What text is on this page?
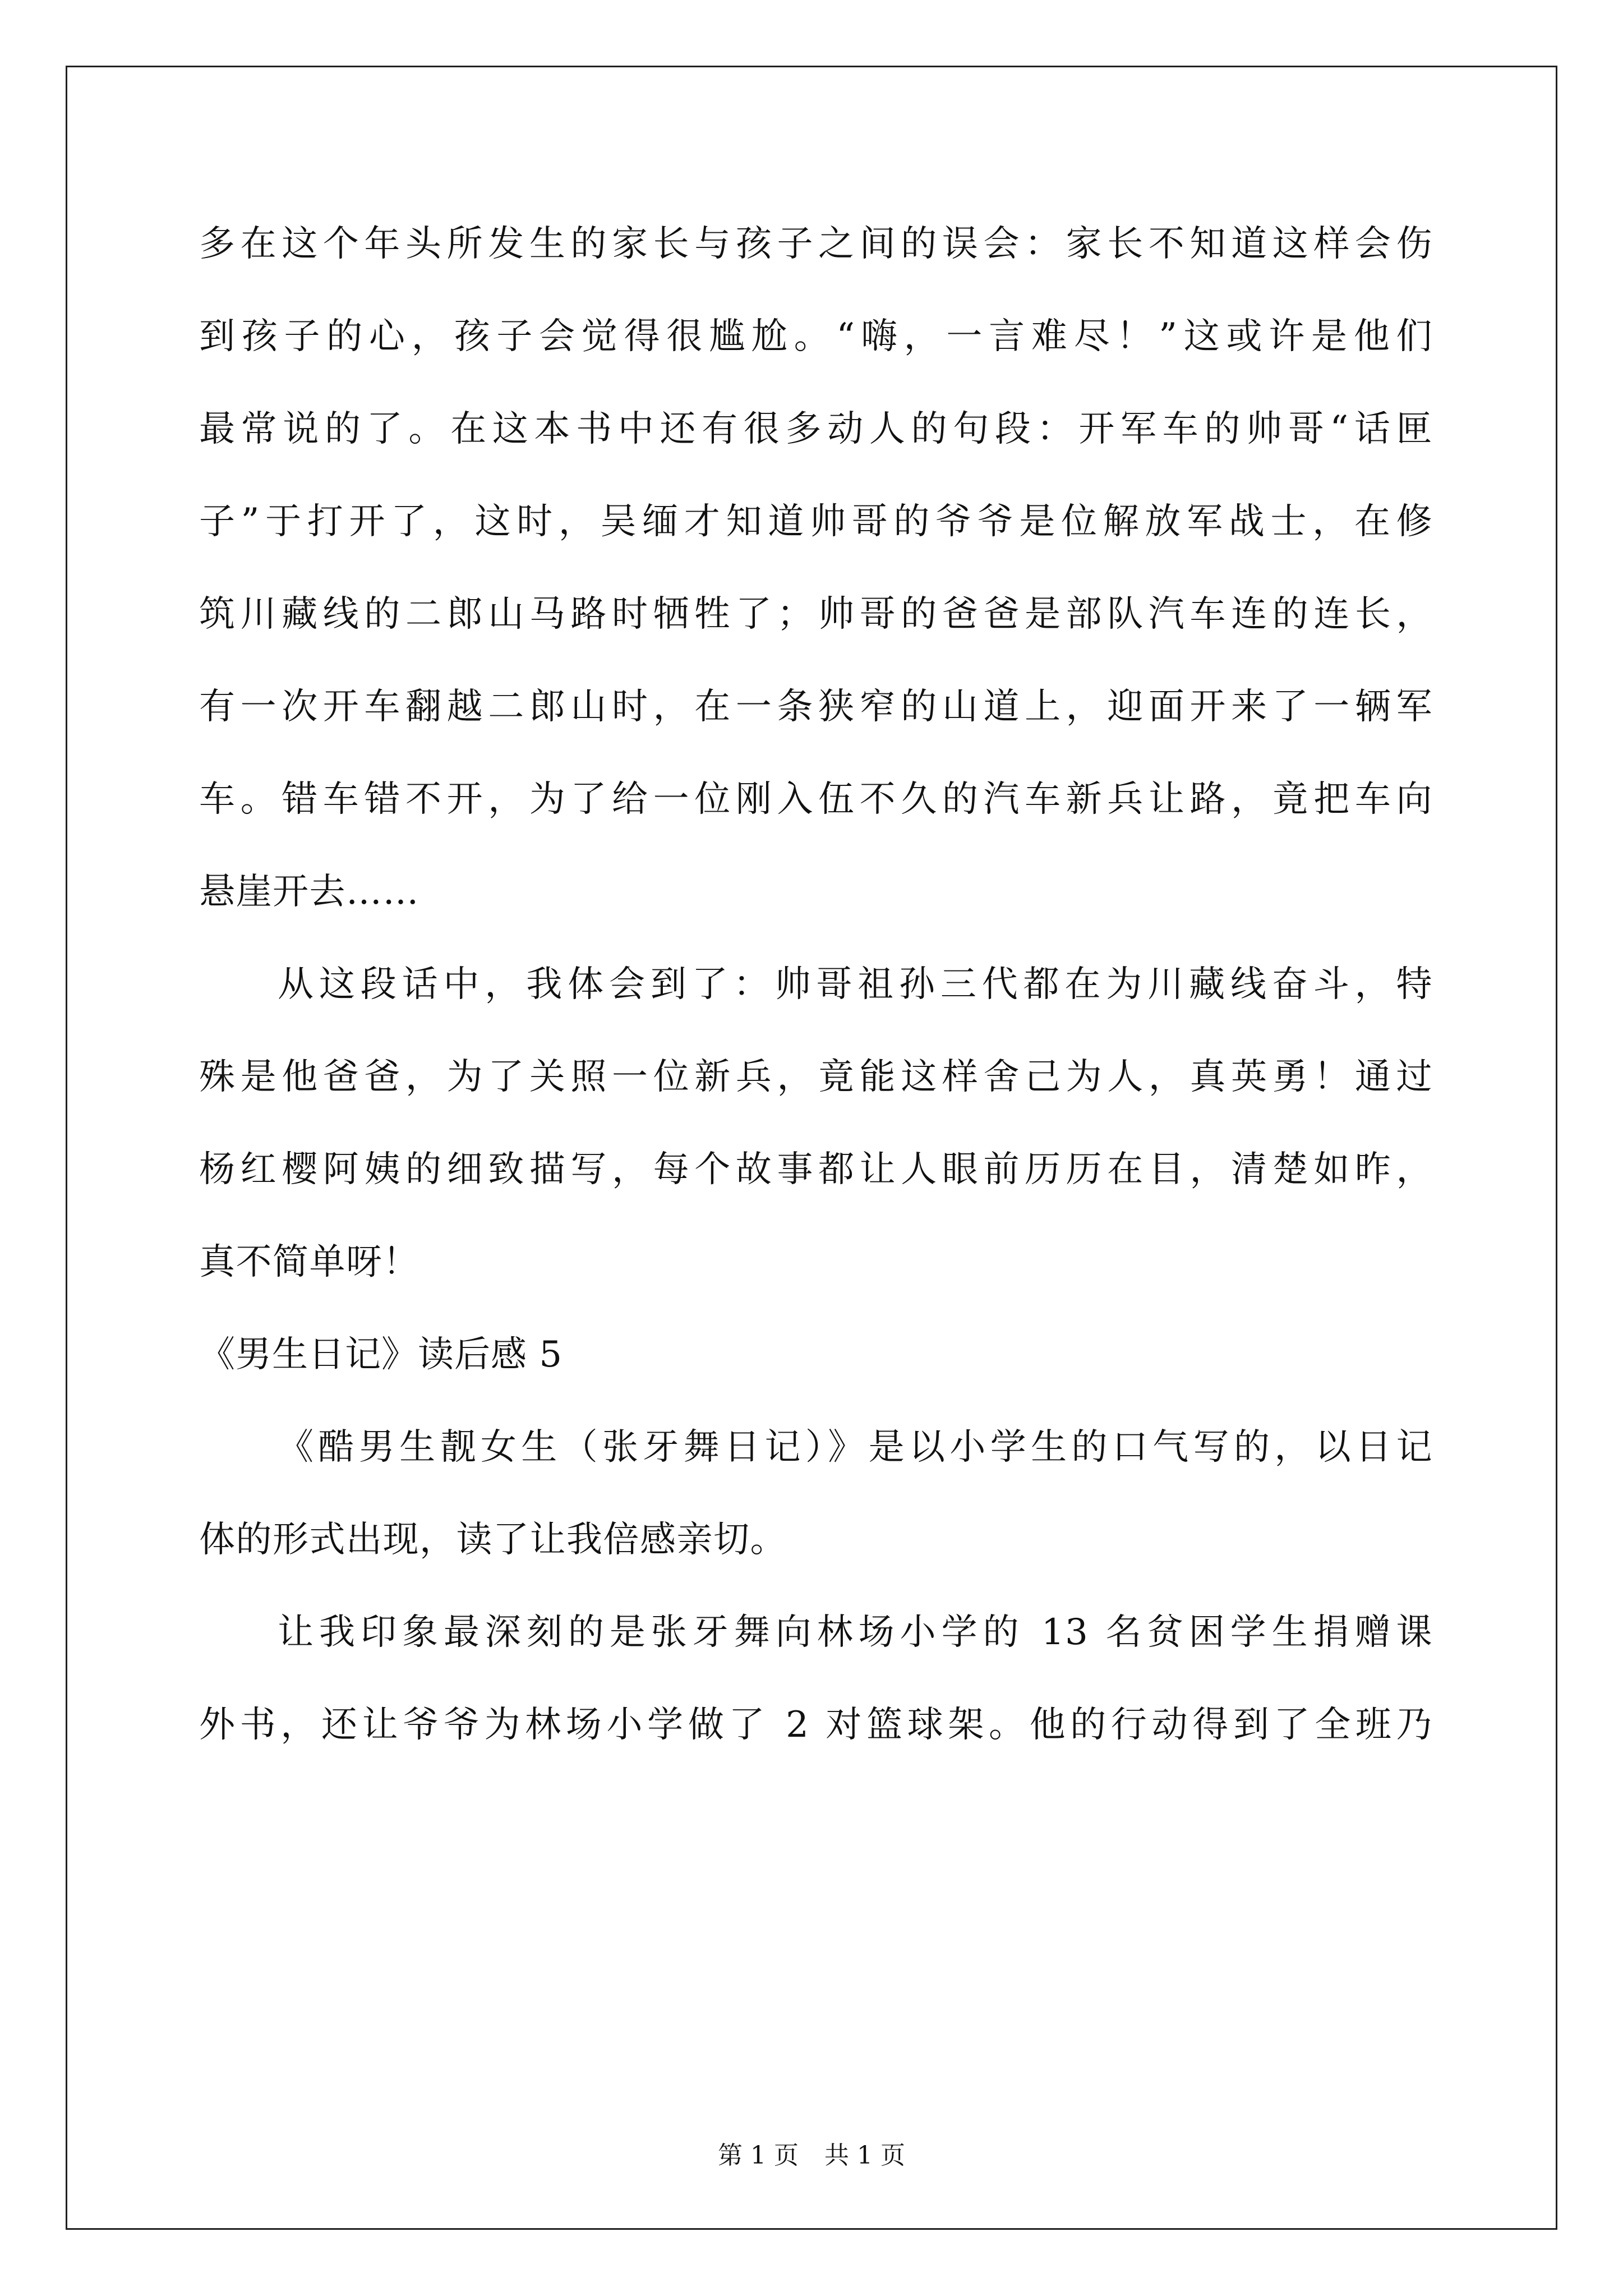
多在这个年头所发生的家长与孩子之间的误会：家长不知道这样会伤
到孩子的心，孩子会觉得很尴尬。“嗨，一言难尽！”这或许是他们
最常说的了。在这本书中还有很多动人的句段：开军车的帅哥“话匣
子”于打开了，这时，吴缅才知道帅哥的爷爷是位解放军战士，在修
筑川藏线的二郎山马路时牺牲了；帅哥的爸爸是部队汽车连的连长，
有一次开车翻越二郎山时，在一条狭窄的山道上，迎面开来了一辆军
车。错车错不开，为了给一位刚入伍不久的汽车新兵让路，竟把车向
悬崖开去……
从这段话中，我体会到了：帅哥祖孙三代都在为川藏线奋斗，特
殊是他爸爸，为了关照一位新兵，竟能这样舍己为人，真英勇！通过
杨红樱阿姨的细致描写，每个故事都让人眼前历历在目，清楚如昨，
真不简单呀！
《男生日记》读后感 5
《酷男生靓女生（张牙舞日记）》是以小学生的口气写的，以日记
体的形式出现，读了让我倍感亲切。
让我印象最深刻的是张牙舞向林场小学的 13 名贫困学生捐赠课
外书，还让爷爷为林场小学做了 2 对篮球架。他的行动得到了全班乃
第 1 页 共 1 页
